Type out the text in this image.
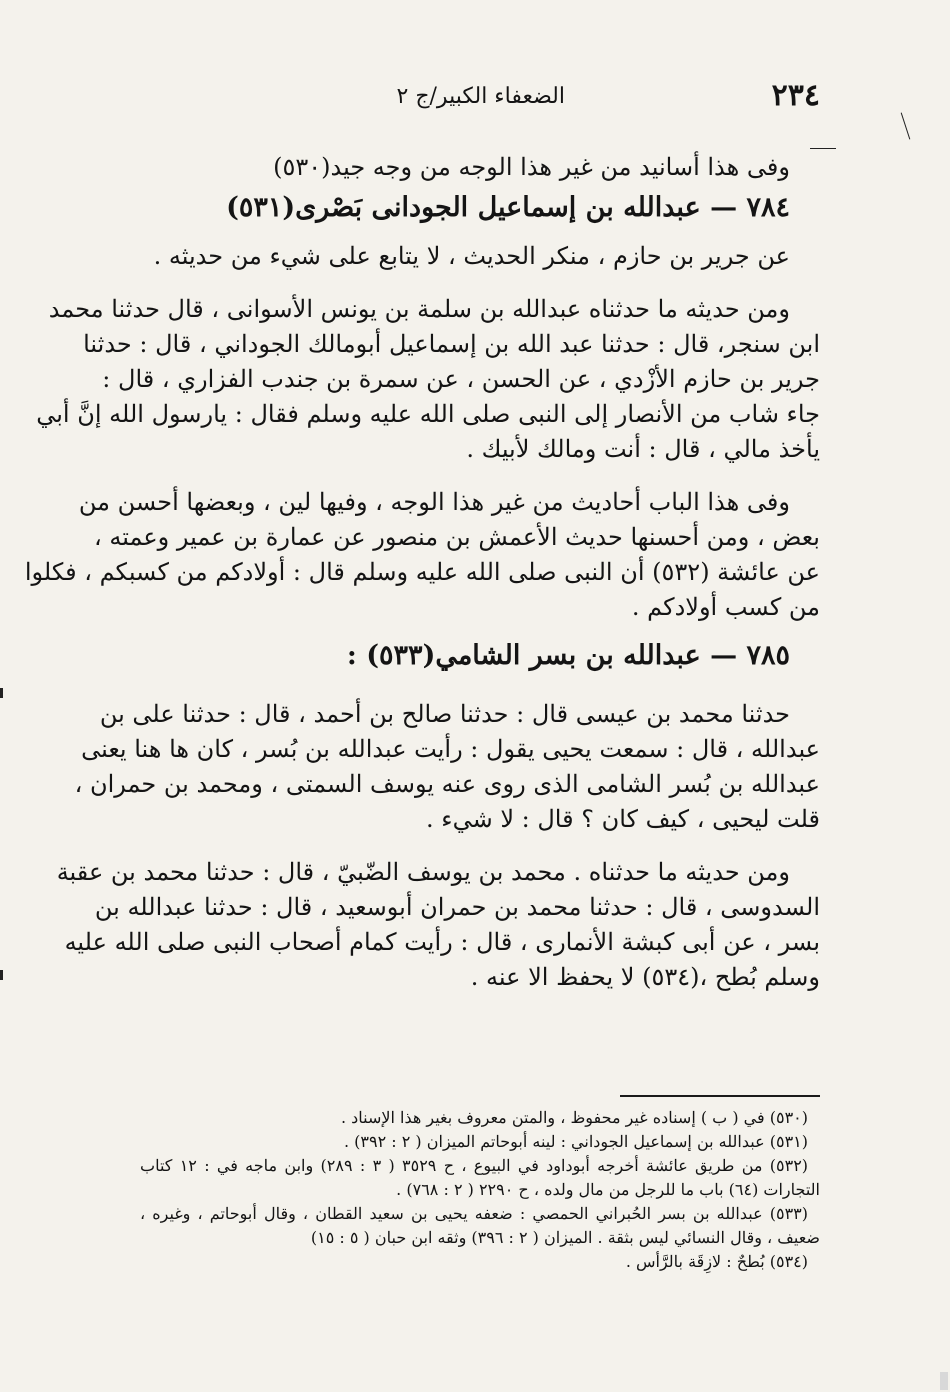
٢٣٤
الضعفاء الكبير/ج ٢
وفى هذا أسانيد من غير هذا الوجه من وجه جيد(٥٣٠)
٧٨٤ — عبدالله بن إسماعيل الجودانى بَصْرى(٥٣١)
عن جرير بن حازم ، منكر الحديث ، لا يتابع على شيء من حديثه .
ومن حديثه ما حدثناه عبدالله بن سلمة بن يونس الأسوانى ، قال حدثنا محمد
ابن سنجر، قال : حدثنا عبد الله بن إسماعيل أبومالك الجوداني ، قال : حدثنا
جرير بن حازم الأزْدي ، عن الحسن ، عن سمرة بن جندب الفزاري ، قال :
جاء شاب من الأنصار إلى النبى صلى الله عليه وسلم فقال : يارسول الله إنَّ أبي
يأخذ مالي ، قال : أنت ومالك لأبيك .
وفى هذا الباب أحاديث من غير هذا الوجه ، وفيها لين ، وبعضها أحسن من
بعض ، ومن أحسنها حديث الأعمش بن منصور عن عمارة بن عمير وعمته ،
عن عائشة (٥٣٢) أن النبى صلى الله عليه وسلم قال : أولادكم من كسبكم ، فكلوا
من كسب أولادكم .
٧٨٥ — عبدالله بن بسر الشامي(٥٣٣) :
حدثنا محمد بن عيسى قال : حدثنا صالح بن أحمد ، قال : حدثنا على بن
عبدالله ، قال : سمعت يحيى يقول : رأيت عبدالله بن بُسر ، كان ها هنا يعنى
عبدالله بن بُسر الشامى الذى روى عنه يوسف السمتى ، ومحمد بن حمران ،
قلت ليحيى ، كيف كان ؟ قال : لا شيء .
ومن حديثه ما حدثناه . محمد بن يوسف الضّبيّ ، قال : حدثنا محمد بن عقبة
السدوسى ، قال : حدثنا محمد بن حمران أبوسعيد ، قال : حدثنا عبدالله بن
بسر ، عن أبى كبشة الأنمارى ، قال : رأيت كمام أصحاب النبى صلى الله عليه
وسلم بُطح ،(٥٣٤) لا يحفظ الا عنه .
(٥٣٠) في ( ب ) إسناده غير محفوظ ، والمتن معروف بغير هذا الإسناد .
(٥٣١) عبدالله بن إسماعيل الجوداني : لينه أبوحاتم الميزان ( ٢ : ٣٩٢) .
(٥٣٢) من طريق عائشة أخرجه أبوداود في البيوع ، ح ٣٥٢٩ ( ٣ : ٢٨٩) وابن ماجه في : ١٢ كتاب
التجارات (٦٤) باب ما للرجل من مال ولده ، ح ٢٢٩٠ ( ٢ : ٧٦٨) .
(٥٣٣) عبدالله بن بسر الحُبراني الحمصي : ضعفه يحيى بن سعيد القطان ، وقال أبوحاتم ، وغيره ،
ضعيف ، وقال النسائي ليس بثقة . الميزان ( ٢ : ٣٩٦) وثقه ابن حبان ( ٥ : ١٥)
(٥٣٤) بُطحٌ : لازِقَة بالرَّأس .
